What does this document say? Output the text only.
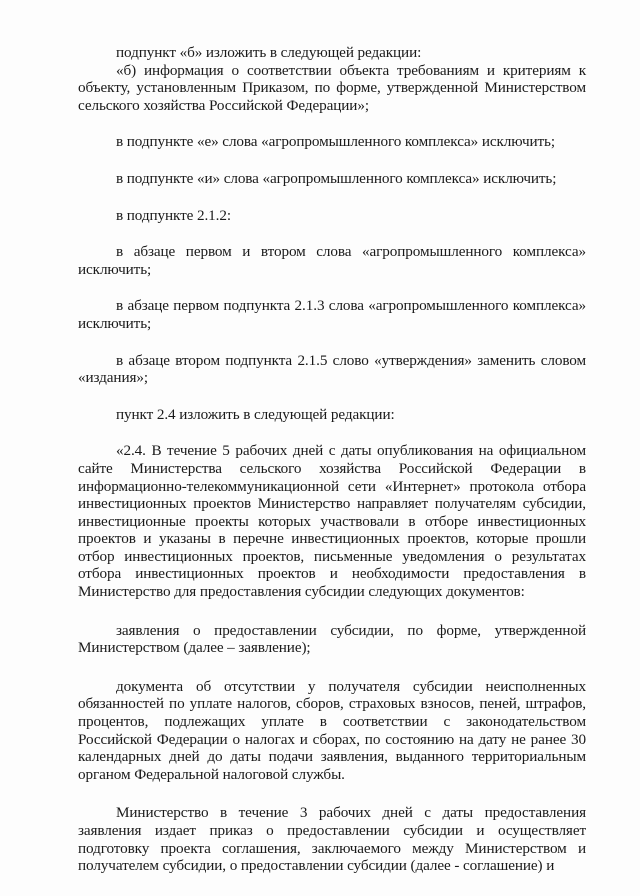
подпункт «б» изложить в следующей редакции:

«б) информация о соответствии объекта требованиям и критериям к объекту, установленным Приказом, по форме, утвержденной Министерством сельского хозяйства Российской Федерации»;

в подпункте «е» слова «агропромышленного комплекса» исключить;

в подпункте «и» слова «агропромышленного комплекса» исключить;

в подпункте 2.1.2:

в абзаце первом и втором слова «агропромышленного комплекса» исключить;

в абзаце первом подпункта 2.1.3 слова «агропромышленного комплекса» исключить;

в абзаце втором подпункта 2.1.5 слово «утверждения» заменить словом «издания»;

пункт 2.4 изложить в следующей редакции:

«2.4. В течение 5 рабочих дней с даты опубликования на официальном сайте Министерства сельского хозяйства Российской Федерации в информационно-телекоммуникационной сети «Интернет» протокола отбора инвестиционных проектов Министерство направляет получателям субсидии, инвестиционные проекты которых участвовали в отборе инвестиционных проектов и указаны в перечне инвестиционных проектов, которые прошли отбор инвестиционных проектов, письменные уведомления о результатах отбора инвестиционных проектов и необходимости предоставления в Министерство для предоставления субсидии следующих документов:

заявления о предоставлении субсидии, по форме, утвержденной Министерством (далее – заявление);

документа об отсутствии у получателя субсидии неисполненных обязанностей по уплате налогов, сборов, страховых взносов, пеней, штрафов, процентов, подлежащих уплате в соответствии с законодательством Российской Федерации о налогах и сборах, по состоянию на дату не ранее 30 календарных дней до даты подачи заявления, выданного территориальным органом Федеральной налоговой службы.

Министерство в течение 3 рабочих дней с даты предоставления заявления издает приказ о предоставлении субсидии и осуществляет подготовку проекта соглашения, заключаемого между Министерством и получателем субсидии, о предоставлении субсидии (далее - соглашение) и
